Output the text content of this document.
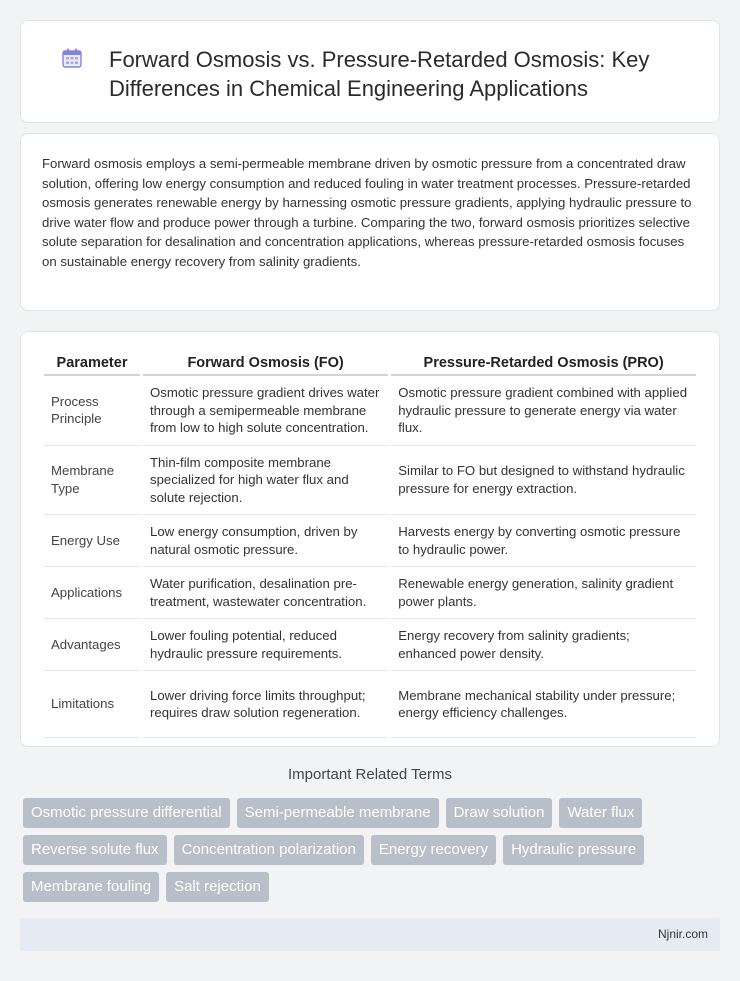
Forward Osmosis vs. Pressure-Retarded Osmosis: Key Differences in Chemical Engineering Applications

Forward osmosis employs a semi-permeable membrane driven by osmotic pressure from a concentrated draw solution, offering low energy consumption and reduced fouling in water treatment processes. Pressure-retarded osmosis generates renewable energy by harnessing osmotic pressure gradients, applying hydraulic pressure to drive water flow and produce power through a turbine. Comparing the two, forward osmosis prioritizes selective solute separation for desalination and concentration applications, whereas pressure-retarded osmosis focuses on sustainable energy recovery from salinity gradients.

Parameter	Forward Osmosis (FO)	Pressure-Retarded Osmosis (PRO)
Process Principle	Osmotic pressure gradient drives water through a semipermeable membrane from low to high solute concentration.	Osmotic pressure gradient combined with applied hydraulic pressure to generate energy via water flux.
Membrane Type	Thin-film composite membrane specialized for high water flux and solute rejection.	Similar to FO but designed to withstand hydraulic pressure for energy extraction.
Energy Use	Low energy consumption, driven by natural osmotic pressure.	Harvests energy by converting osmotic pressure to hydraulic power.
Applications	Water purification, desalination pre-treatment, wastewater concentration.	Renewable energy generation, salinity gradient power plants.
Advantages	Lower fouling potential, reduced hydraulic pressure requirements.	Energy recovery from salinity gradients; enhanced power density.
Limitations	Lower driving force limits throughput; requires draw solution regeneration.	Membrane mechanical stability under pressure; energy efficiency challenges.
Important Related Terms
Osmotic pressure differential	Semi-permeable membrane	Draw solution	Water flux
Reverse solute flux	Concentration polarization	Energy recovery	Hydraulic pressure
Membrane fouling	Salt rejection
Njnir.com
